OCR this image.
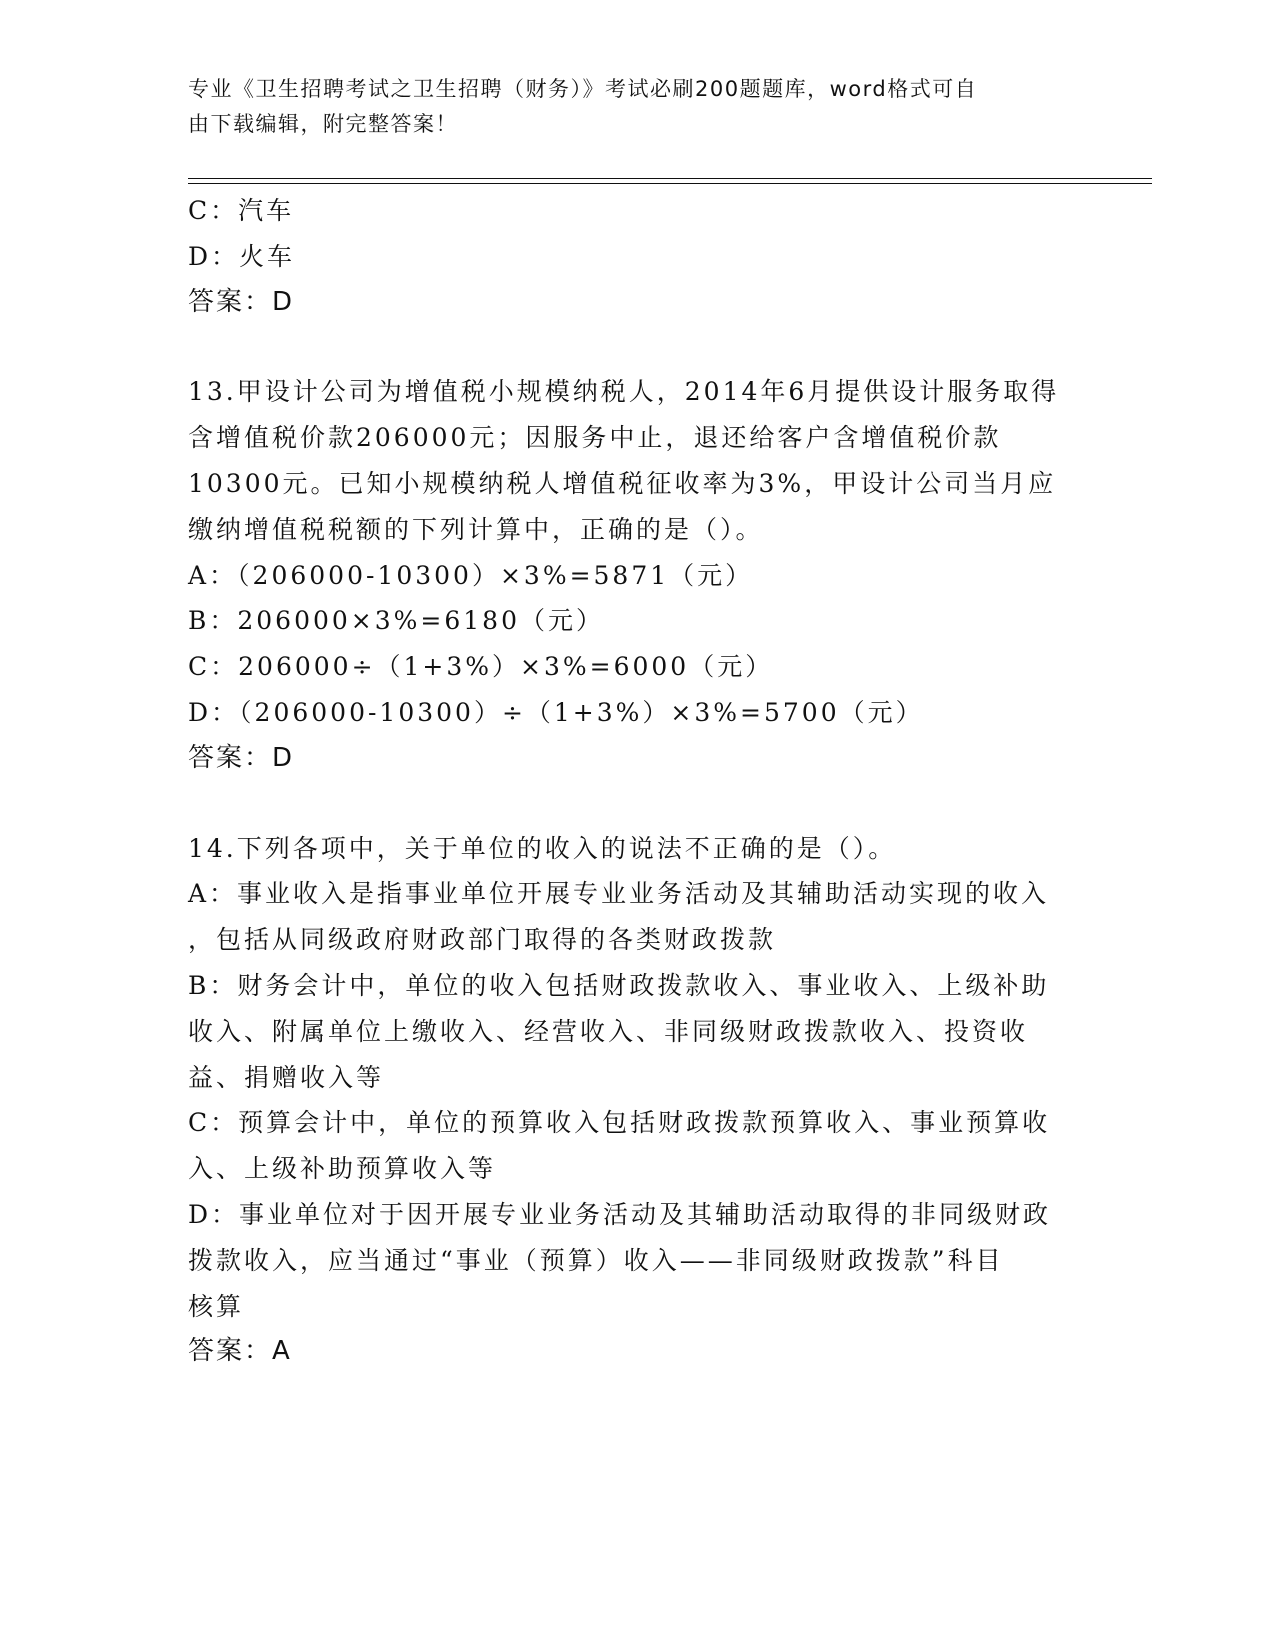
专业《卫生招聘考试之卫生招聘（财务）》考试必刷200题题库，word格式可自
由下载编辑，附完整答案！
C：汽车
D：火车
答案：D
13.甲设计公司为增值税小规模纳税人，2014年6月提供设计服务取得
含增值税价款206000元；因服务中止，退还给客户含增值税价款
10300元。已知小规模纳税人增值税征收率为3%，甲设计公司当月应
缴纳增值税税额的下列计算中，正确的是（）。
A：（206000-10300）×3%=5871（元）
B：206000×3%=6180（元）
C：206000÷（1+3%）×3%=6000（元）
D：（206000-10300）÷（1+3%）×3%=5700（元）
答案：D
14.下列各项中，关于单位的收入的说法不正确的是（）。
A：事业收入是指事业单位开展专业业务活动及其辅助活动实现的收入
，包括从同级政府财政部门取得的各类财政拨款
B：财务会计中，单位的收入包括财政拨款收入、事业收入、上级补助
收入、附属单位上缴收入、经营收入、非同级财政拨款收入、投资收
益、捐赠收入等
C：预算会计中，单位的预算收入包括财政拨款预算收入、事业预算收
入、上级补助预算收入等
D：事业单位对于因开展专业业务活动及其辅助活动取得的非同级财政
拨款收入，应当通过“事业（预算）收入——非同级财政拨款”科目
核算
答案：A
